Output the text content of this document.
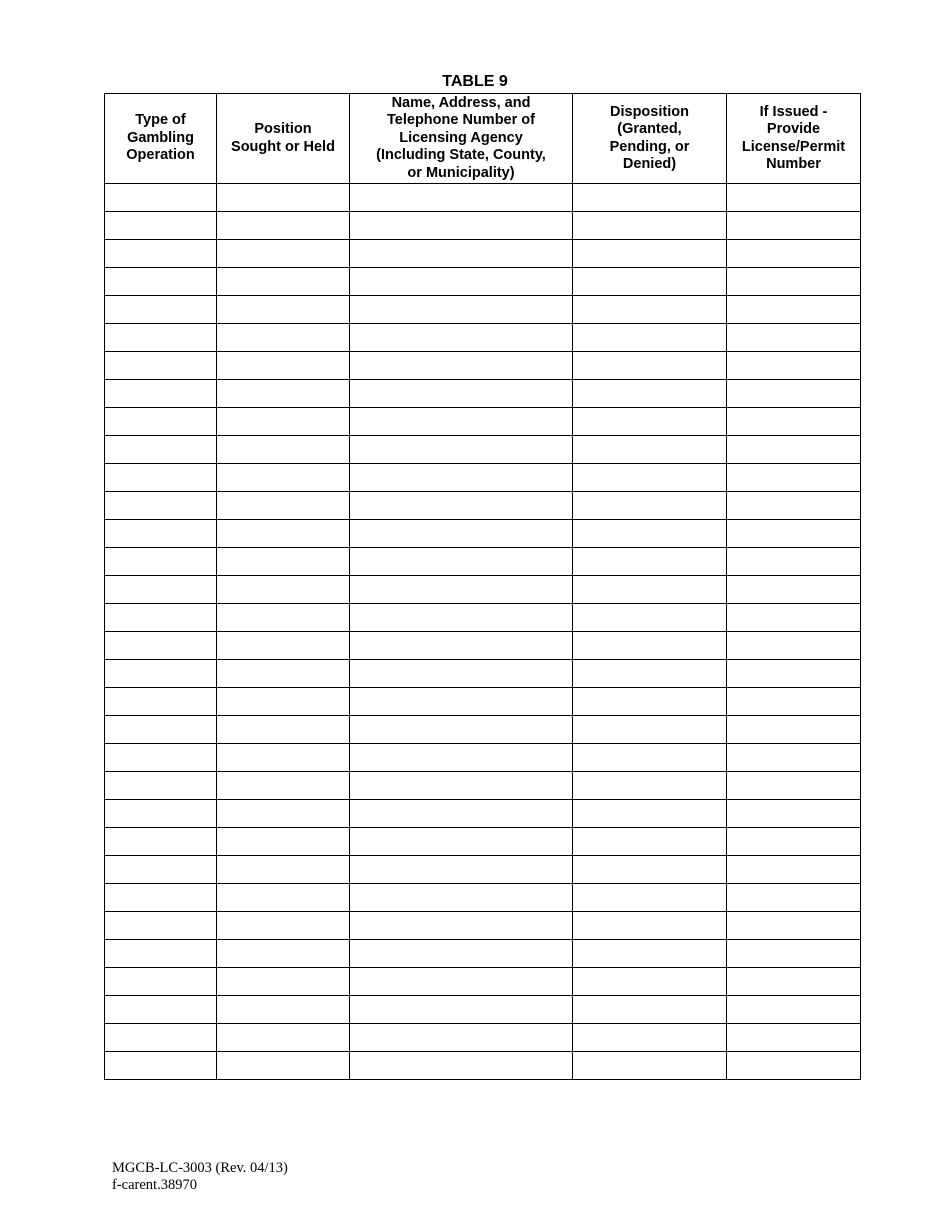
TABLE 9
Type of
Gambling
Operation	Position
Sought or Held	Name, Address, and
Telephone Number of
Licensing Agency
(Including State, County,
or Municipality)	Disposition
(Granted,
Pending, or
Denied)	If Issued -
Provide
License/Permit
Number

MGCB-LC-3003 (Rev. 04/13)
f-carent.38970
